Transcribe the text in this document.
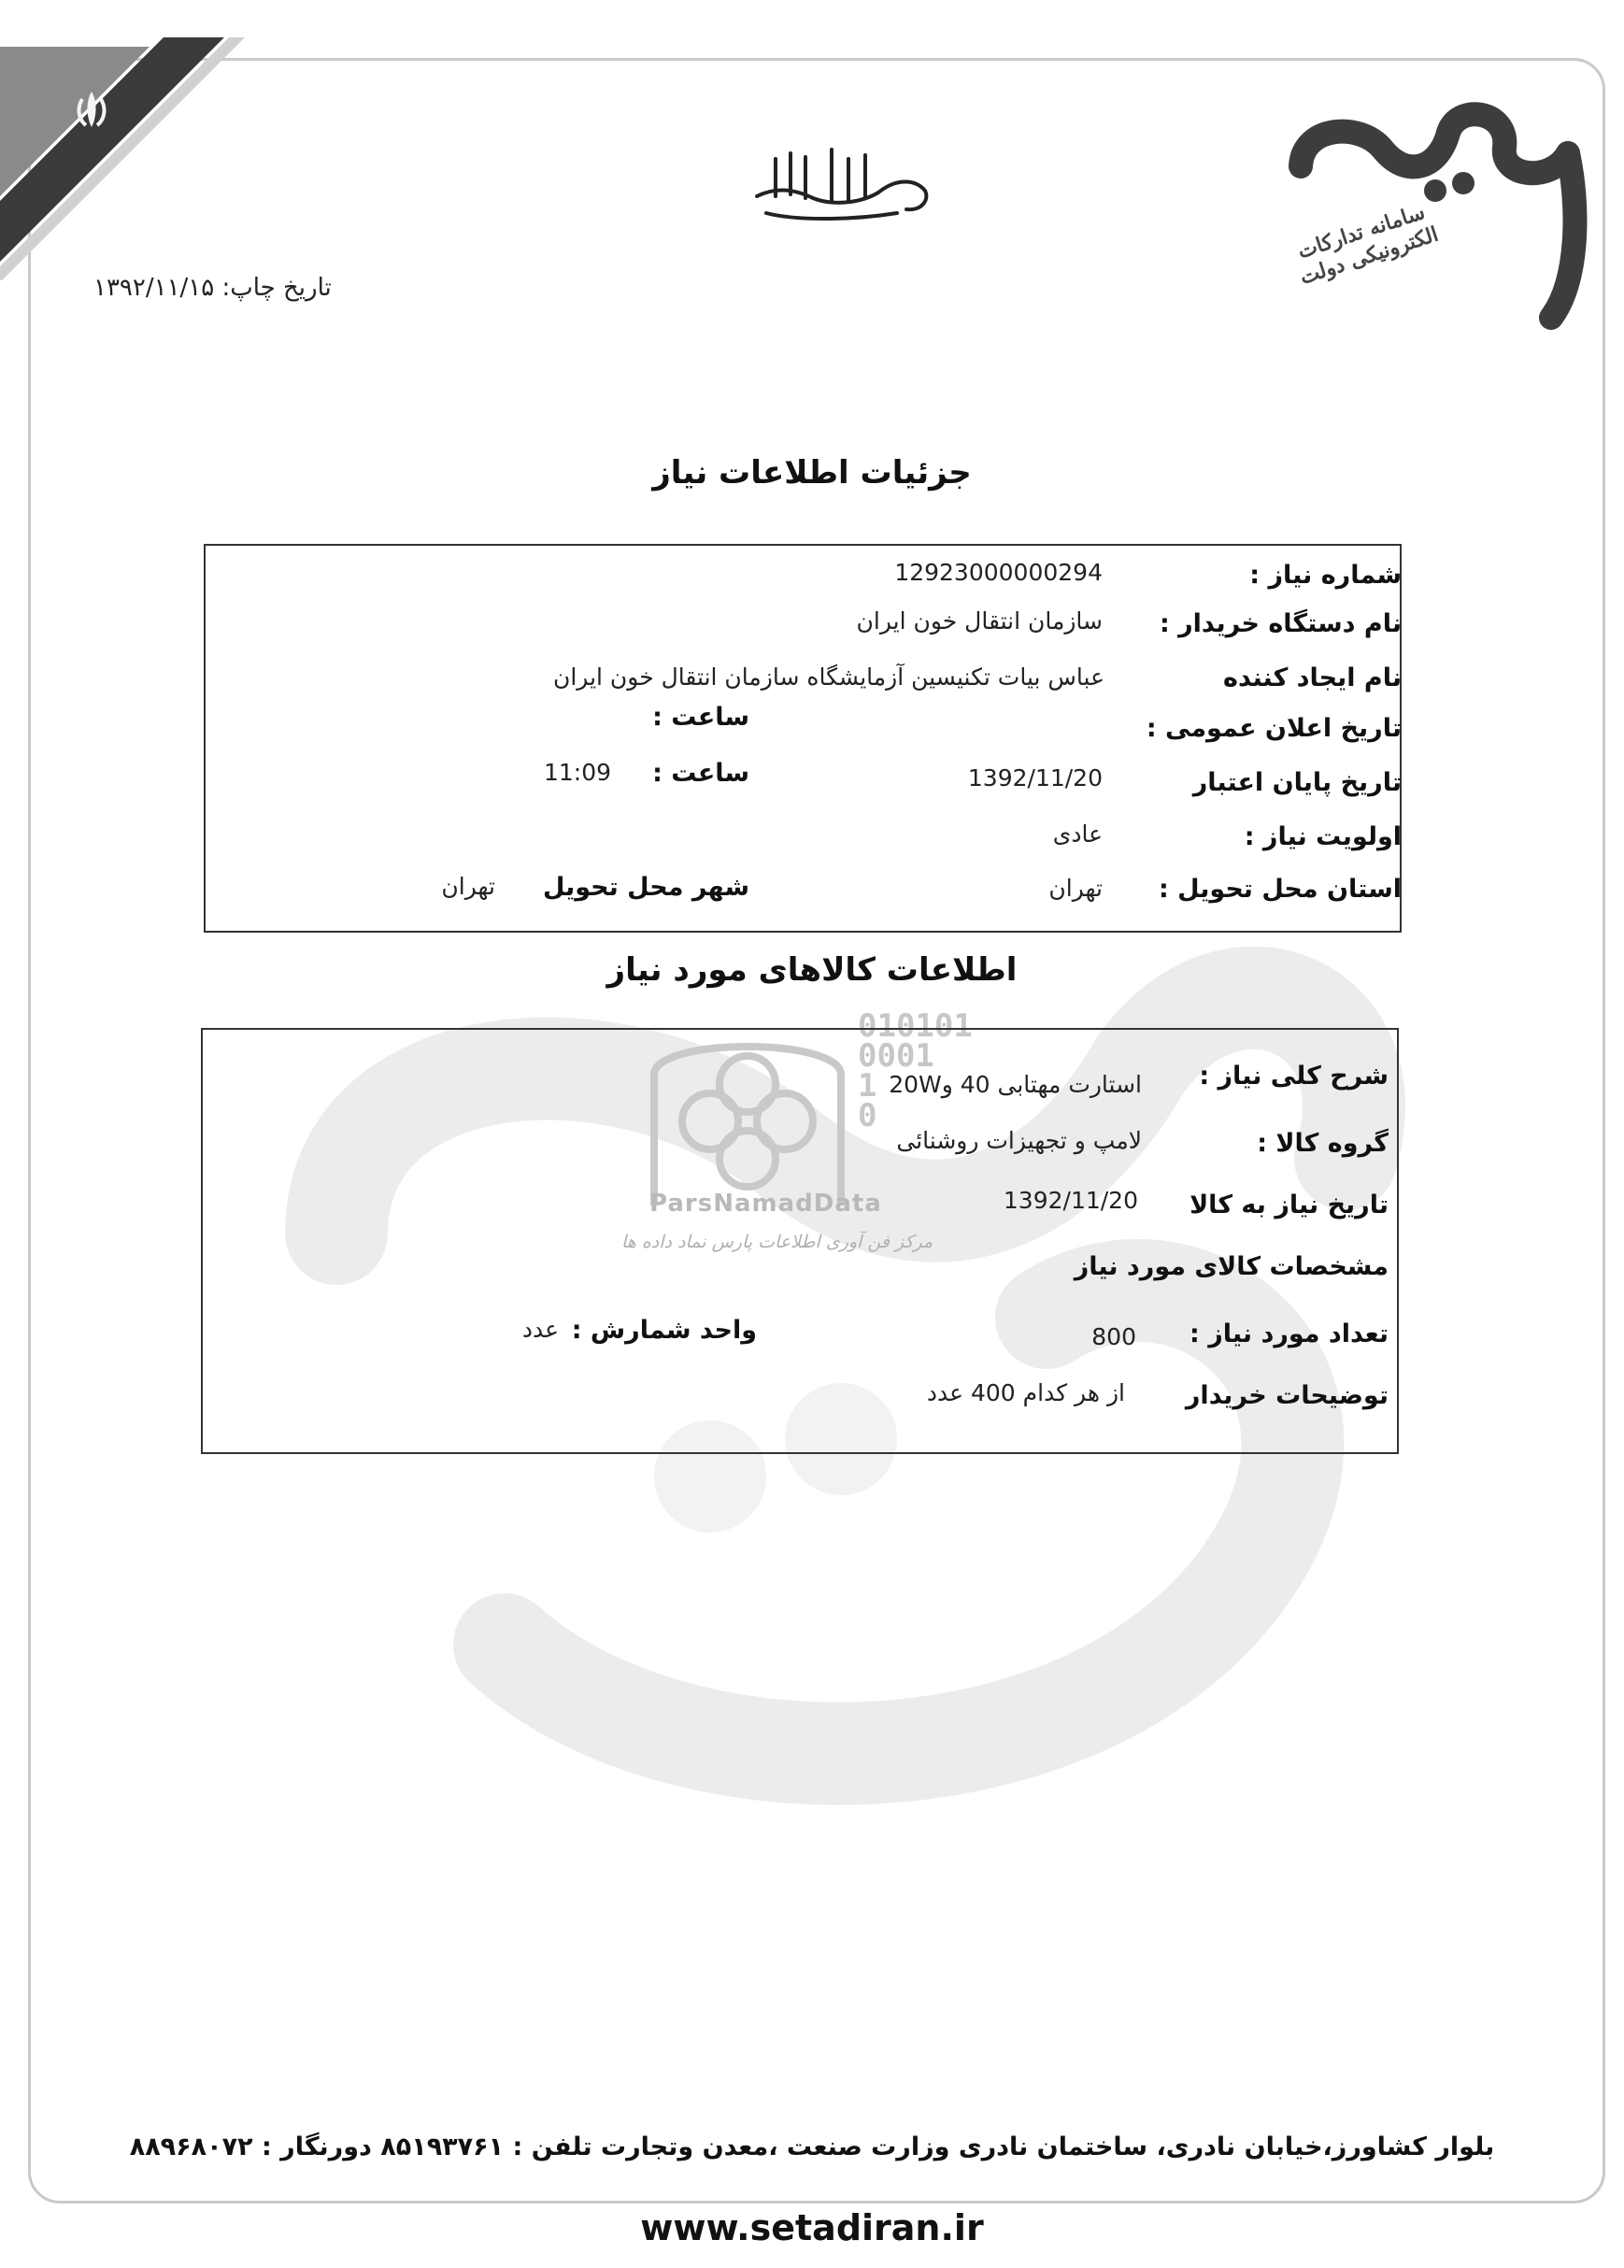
سامانه تدارکات الکترونیکی دولت
تاریخ چاپ: ۱۳۹۲/۱۱/۱۵
جزئیات اطلاعات نیاز
شماره نیاز :
12923000000294
نام دستگاه خریدار :
سازمان انتقال خون ایران
نام ایجاد کننده
عباس بیات تکنیسین آزمایشگاه سازمان انتقال خون ایران
تاریخ اعلان عمومی :
ساعت :
تاریخ پایان اعتبار
1392/11/20
ساعت :
11:09
اولویت نیاز :
عادی
استان محل تحویل :
تهران
شهر محل تحویل
تهران
اطلاعات کالاهای مورد نیاز
010101
0001
1
0
ParsNamadData
مرکز فن آوری اطلاعات پارس نماد داده ها
شرح کلی نیاز :
استارت مهتابی 40 و20W
گروه کالا :
لامپ و تجهیزات روشنائی
تاریخ نیاز به کالا
1392/11/20
مشخصات کالای مورد نیاز
تعداد مورد نیاز :
800
واحد شمارش :
عدد
توضیحات خریدار
از هر کدام 400 عدد
بلوار کشاورز،خیابان نادری، ساختمان نادری وزارت صنعت ،معدن وتجارت تلفن : ۸۵۱۹۳۷۶۱ دورنگار : ۸۸۹۶۸۰۷۲
www.setadiran.ir
